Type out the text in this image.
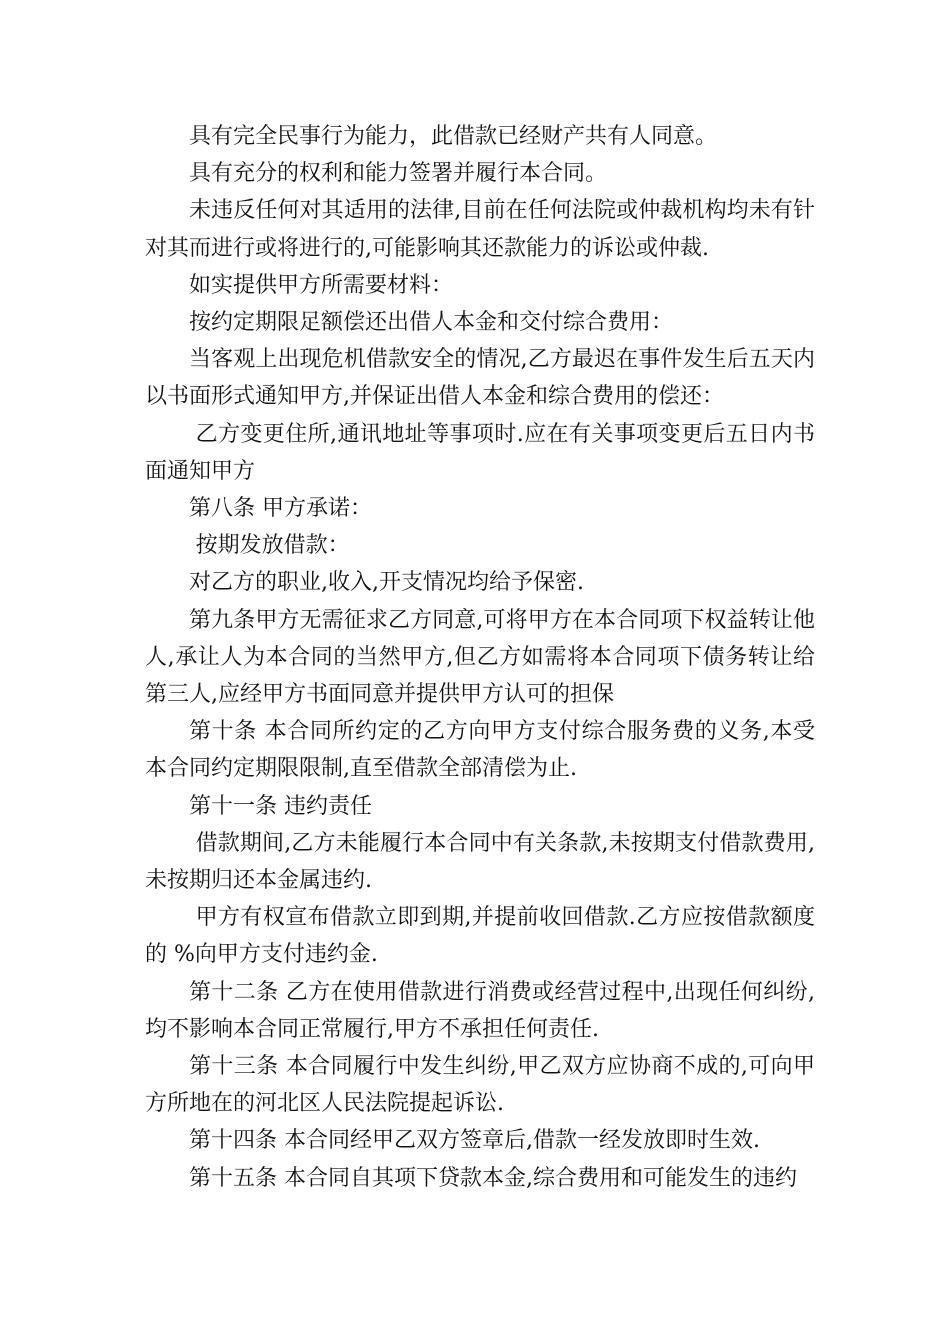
具有完全民事行为能力，此借款已经财产共有人同意。

具有充分的权利和能力签署并履行本合同。

未违反任何对其适用的法律,目前在任何法院或仲裁机构均未有针对其而进行或将进行的,可能影响其还款能力的诉讼或仲裁.

如实提供甲方所需要材料：

按约定期限足额偿还出借人本金和交付综合费用：

当客观上出现危机借款安全的情况,乙方最迟在事件发生后五天内以书面形式通知甲方,并保证出借人本金和综合费用的偿还：

乙方变更住所,通讯地址等事项时.应在有关事项变更后五日内书面通知甲方

第八条 甲方承诺：

按期发放借款：

对乙方的职业,收入,开支情况均给予保密.

第九条甲方无需征求乙方同意,可将甲方在本合同项下权益转让他人,承让人为本合同的当然甲方,但乙方如需将本合同项下债务转让给第三人,应经甲方书面同意并提供甲方认可的担保

第十条 本合同所约定的乙方向甲方支付综合服务费的义务,本受本合同约定期限限制,直至借款全部清偿为止.

第十一条 违约责任

借款期间,乙方未能履行本合同中有关条款,未按期支付借款费用,未按期归还本金属违约.

甲方有权宣布借款立即到期,并提前收回借款.乙方应按借款额度的 %向甲方支付违约金.

第十二条 乙方在使用借款进行消费或经营过程中,出现任何纠纷,均不影响本合同正常履行,甲方不承担任何责任.

第十三条 本合同履行中发生纠纷,甲乙双方应协商不成的,可向甲方所地在的河北区人民法院提起诉讼.

第十四条 本合同经甲乙双方签章后,借款一经发放即时生效.

第十五条 本合同自其项下贷款本金,综合费用和可能发生的违约
